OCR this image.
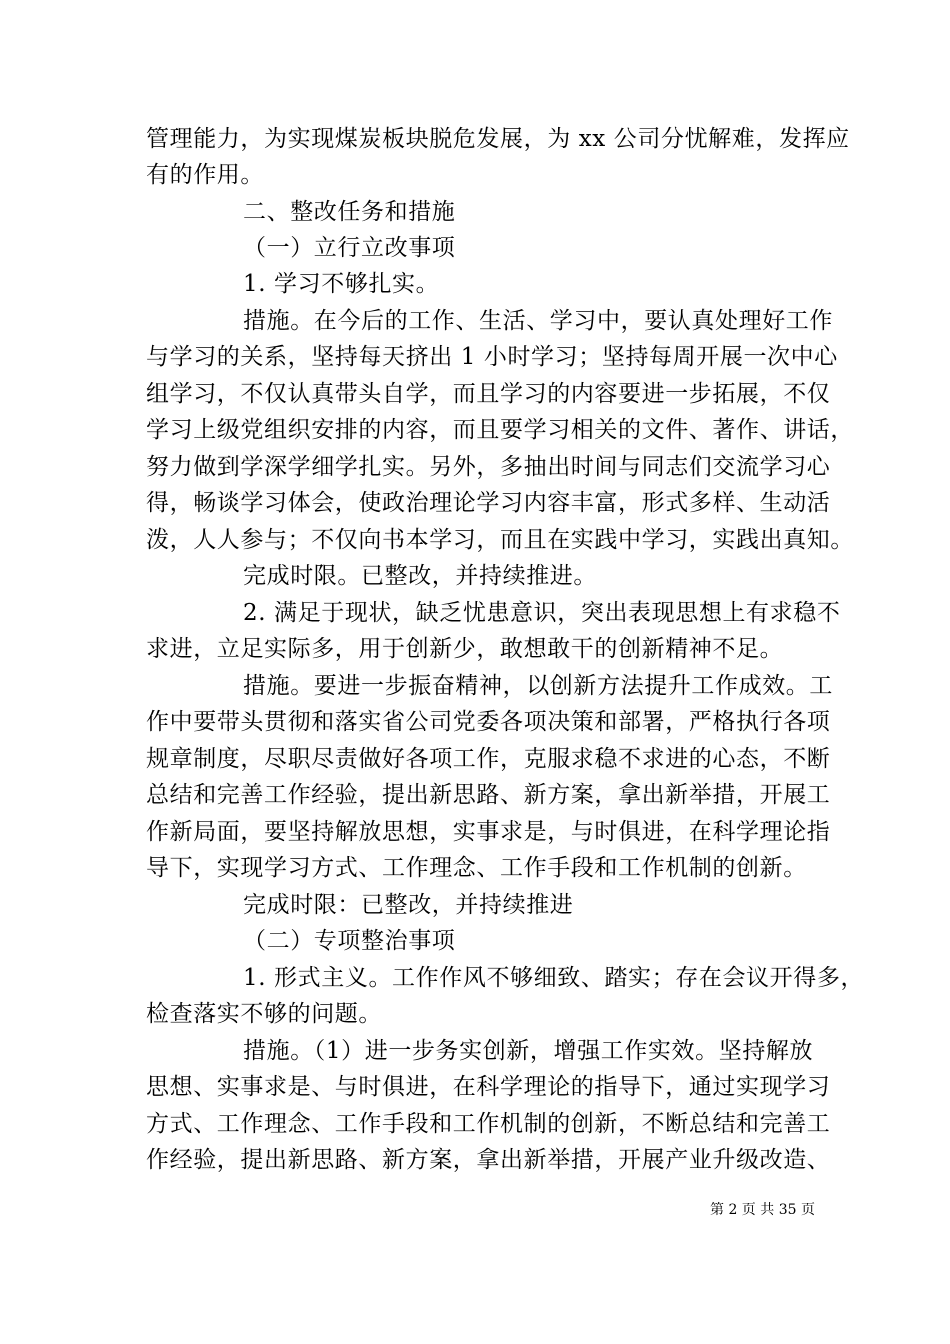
管理能力，为实现煤炭板块脱危发展，为 xx 公司分忧解难，发挥应
有的作用。
二、整改任务和措施
（一）立行立改事项
1. 学习不够扎实。
措施。在今后的工作、生活、学习中，要认真处理好工作
与学习的关系，坚持每天挤出 1 小时学习；坚持每周开展一次中心
组学习，不仅认真带头自学，而且学习的内容要进一步拓展，不仅
学习上级党组织安排的内容，而且要学习相关的文件、著作、讲话，
努力做到学深学细学扎实。另外，多抽出时间与同志们交流学习心
得，畅谈学习体会，使政治理论学习内容丰富，形式多样、生动活
泼，人人参与；不仅向书本学习，而且在实践中学习，实践出真知。
完成时限。已整改，并持续推进。
2. 满足于现状，缺乏忧患意识，突出表现思想上有求稳不
求进，立足实际多，用于创新少，敢想敢干的创新精神不足。
措施。要进一步振奋精神，以创新方法提升工作成效。工
作中要带头贯彻和落实省公司党委各项决策和部署，严格执行各项
规章制度，尽职尽责做好各项工作，克服求稳不求进的心态，不断
总结和完善工作经验，提出新思路、新方案，拿出新举措，开展工
作新局面，要坚持解放思想，实事求是，与时俱进，在科学理论指
导下，实现学习方式、工作理念、工作手段和工作机制的创新。
完成时限：已整改，并持续推进
（二）专项整治事项
1. 形式主义。工作作风不够细致、踏实；存在会议开得多，
检查落实不够的问题。
措施。（1）进一步务实创新，增强工作实效。坚持解放
思想、实事求是、与时俱进，在科学理论的指导下，通过实现学习
方式、工作理念、工作手段和工作机制的创新，不断总结和完善工
作经验，提出新思路、新方案，拿出新举措，开展产业升级改造、
第 2 页 共 35 页
